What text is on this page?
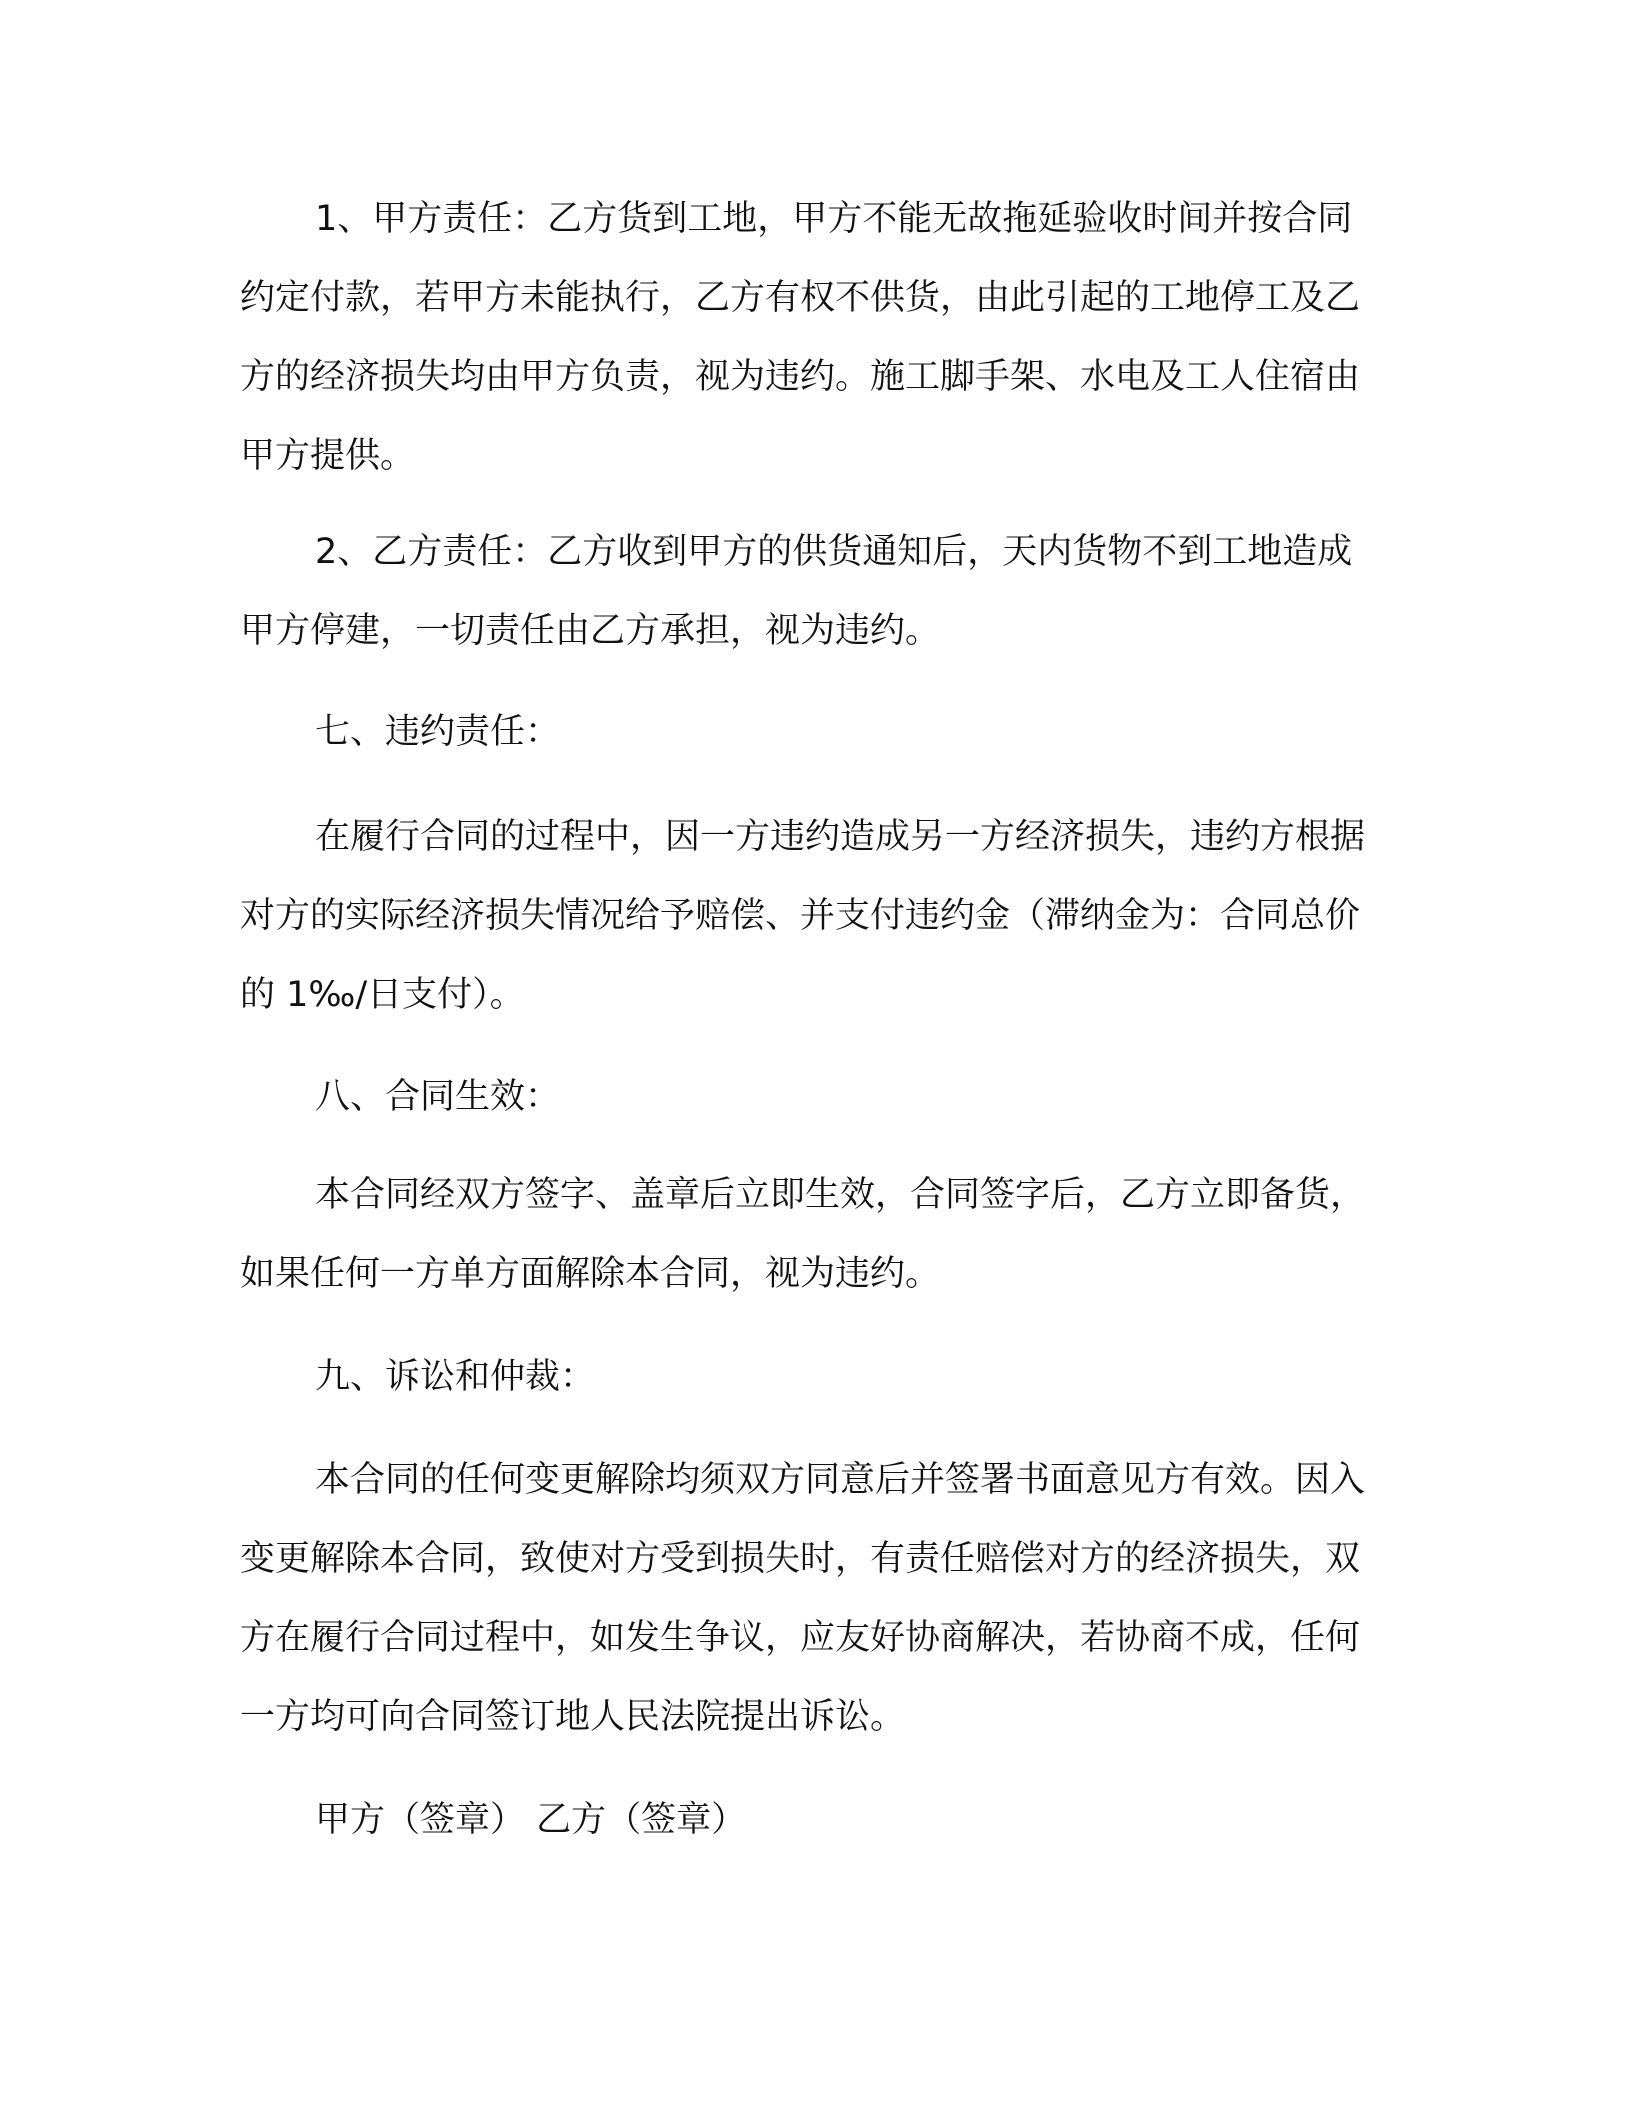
1、甲方责任：乙方货到工地，甲方不能无故拖延验收时间并按合同约定付款，若甲方未能执行，乙方有权不供货，由此引起的工地停工及乙方的经济损失均由甲方负责，视为违约。施工脚手架、水电及工人住宿由甲方提供。

2、乙方责任：乙方收到甲方的供货通知后，天内货物不到工地造成甲方停建，一切责任由乙方承担，视为违约。

七、违约责任：

在履行合同的过程中，因一方违约造成另一方经济损失，违约方根据对方的实际经济损失情况给予赔偿、并支付违约金（滞纳金为：合同总价的 1‰/日支付）。

八、合同生效：

本合同经双方签字、盖章后立即生效，合同签字后，乙方立即备货，如果任何一方单方面解除本合同，视为违约。

九、诉讼和仲裁：

本合同的任何变更解除均须双方同意后并签署书面意见方有效。因入变更解除本合同，致使对方受到损失时，有责任赔偿对方的经济损失，双方在履行合同过程中，如发生争议，应友好协商解决，若协商不成，任何一方均可向合同签订地人民法院提出诉讼。

甲方（签章） 乙方（签章）
